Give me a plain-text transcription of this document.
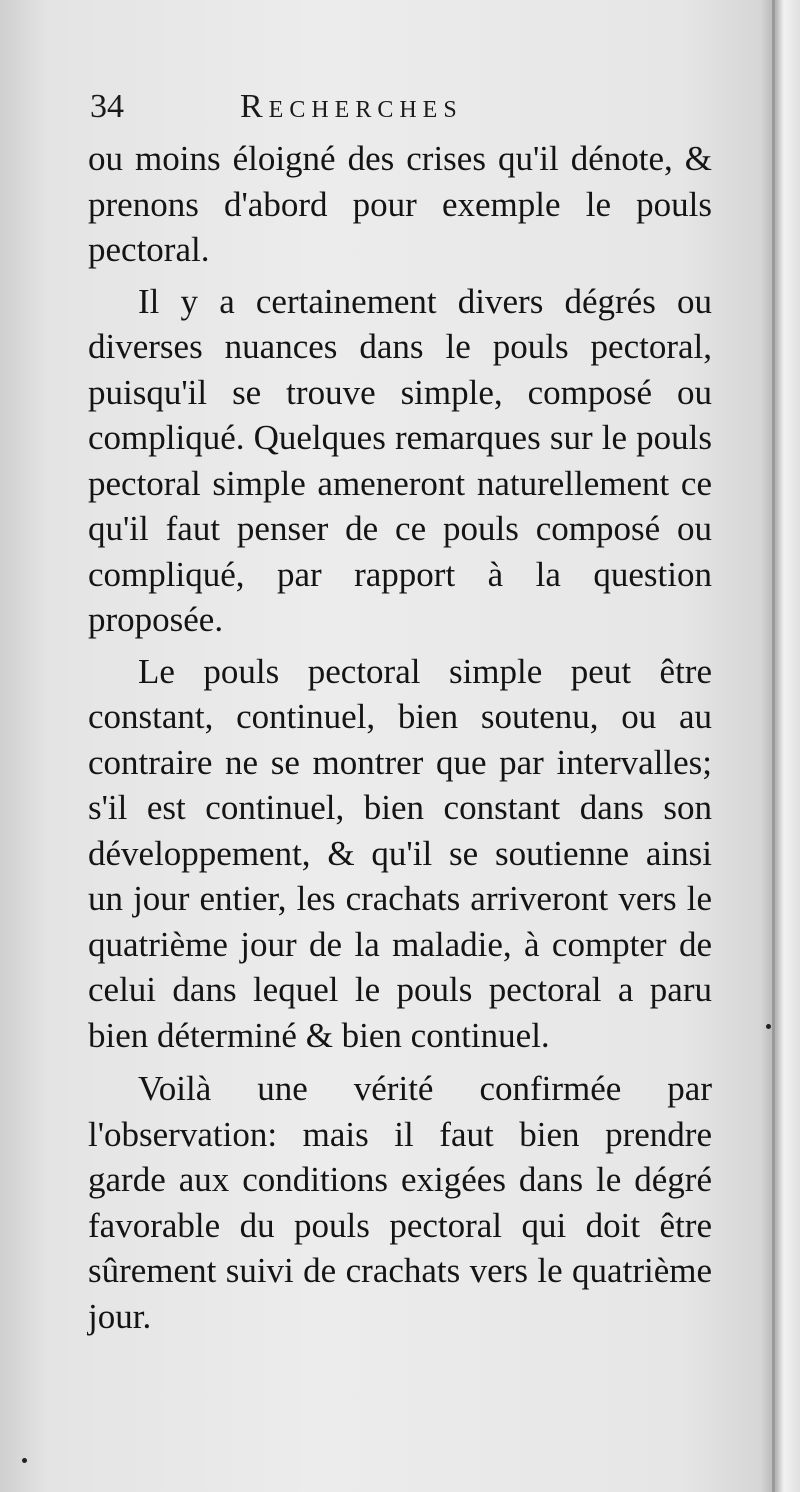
34	Recherches

ou moins éloigné des crises qu'il dénote, & prenons d'abord pour exemple le pouls pectoral.

Il y a certainement divers dégrés ou diverses nuances dans le pouls pectoral, puisqu'il se trouve simple, composé ou compliqué. Quelques remarques sur le pouls pectoral simple ameneront naturellement ce qu'il faut penser de ce pouls composé ou compliqué, par rapport à la question proposée.

Le pouls pectoral simple peut être constant, continuel, bien soutenu, ou au contraire ne se montrer que par intervalles; s'il est continuel, bien constant dans son développement, & qu'il se soutienne ainsi un jour entier, les crachats arriveront vers le quatrième jour de la maladie, à compter de celui dans lequel le pouls pectoral a paru bien déterminé & bien continuel.

Voilà une vérité confirmée par l'observation: mais il faut bien prendre garde aux conditions exigées dans le dégré favorable du pouls pectoral qui doit être sûrement suivi de crachats vers le quatrième jour.
